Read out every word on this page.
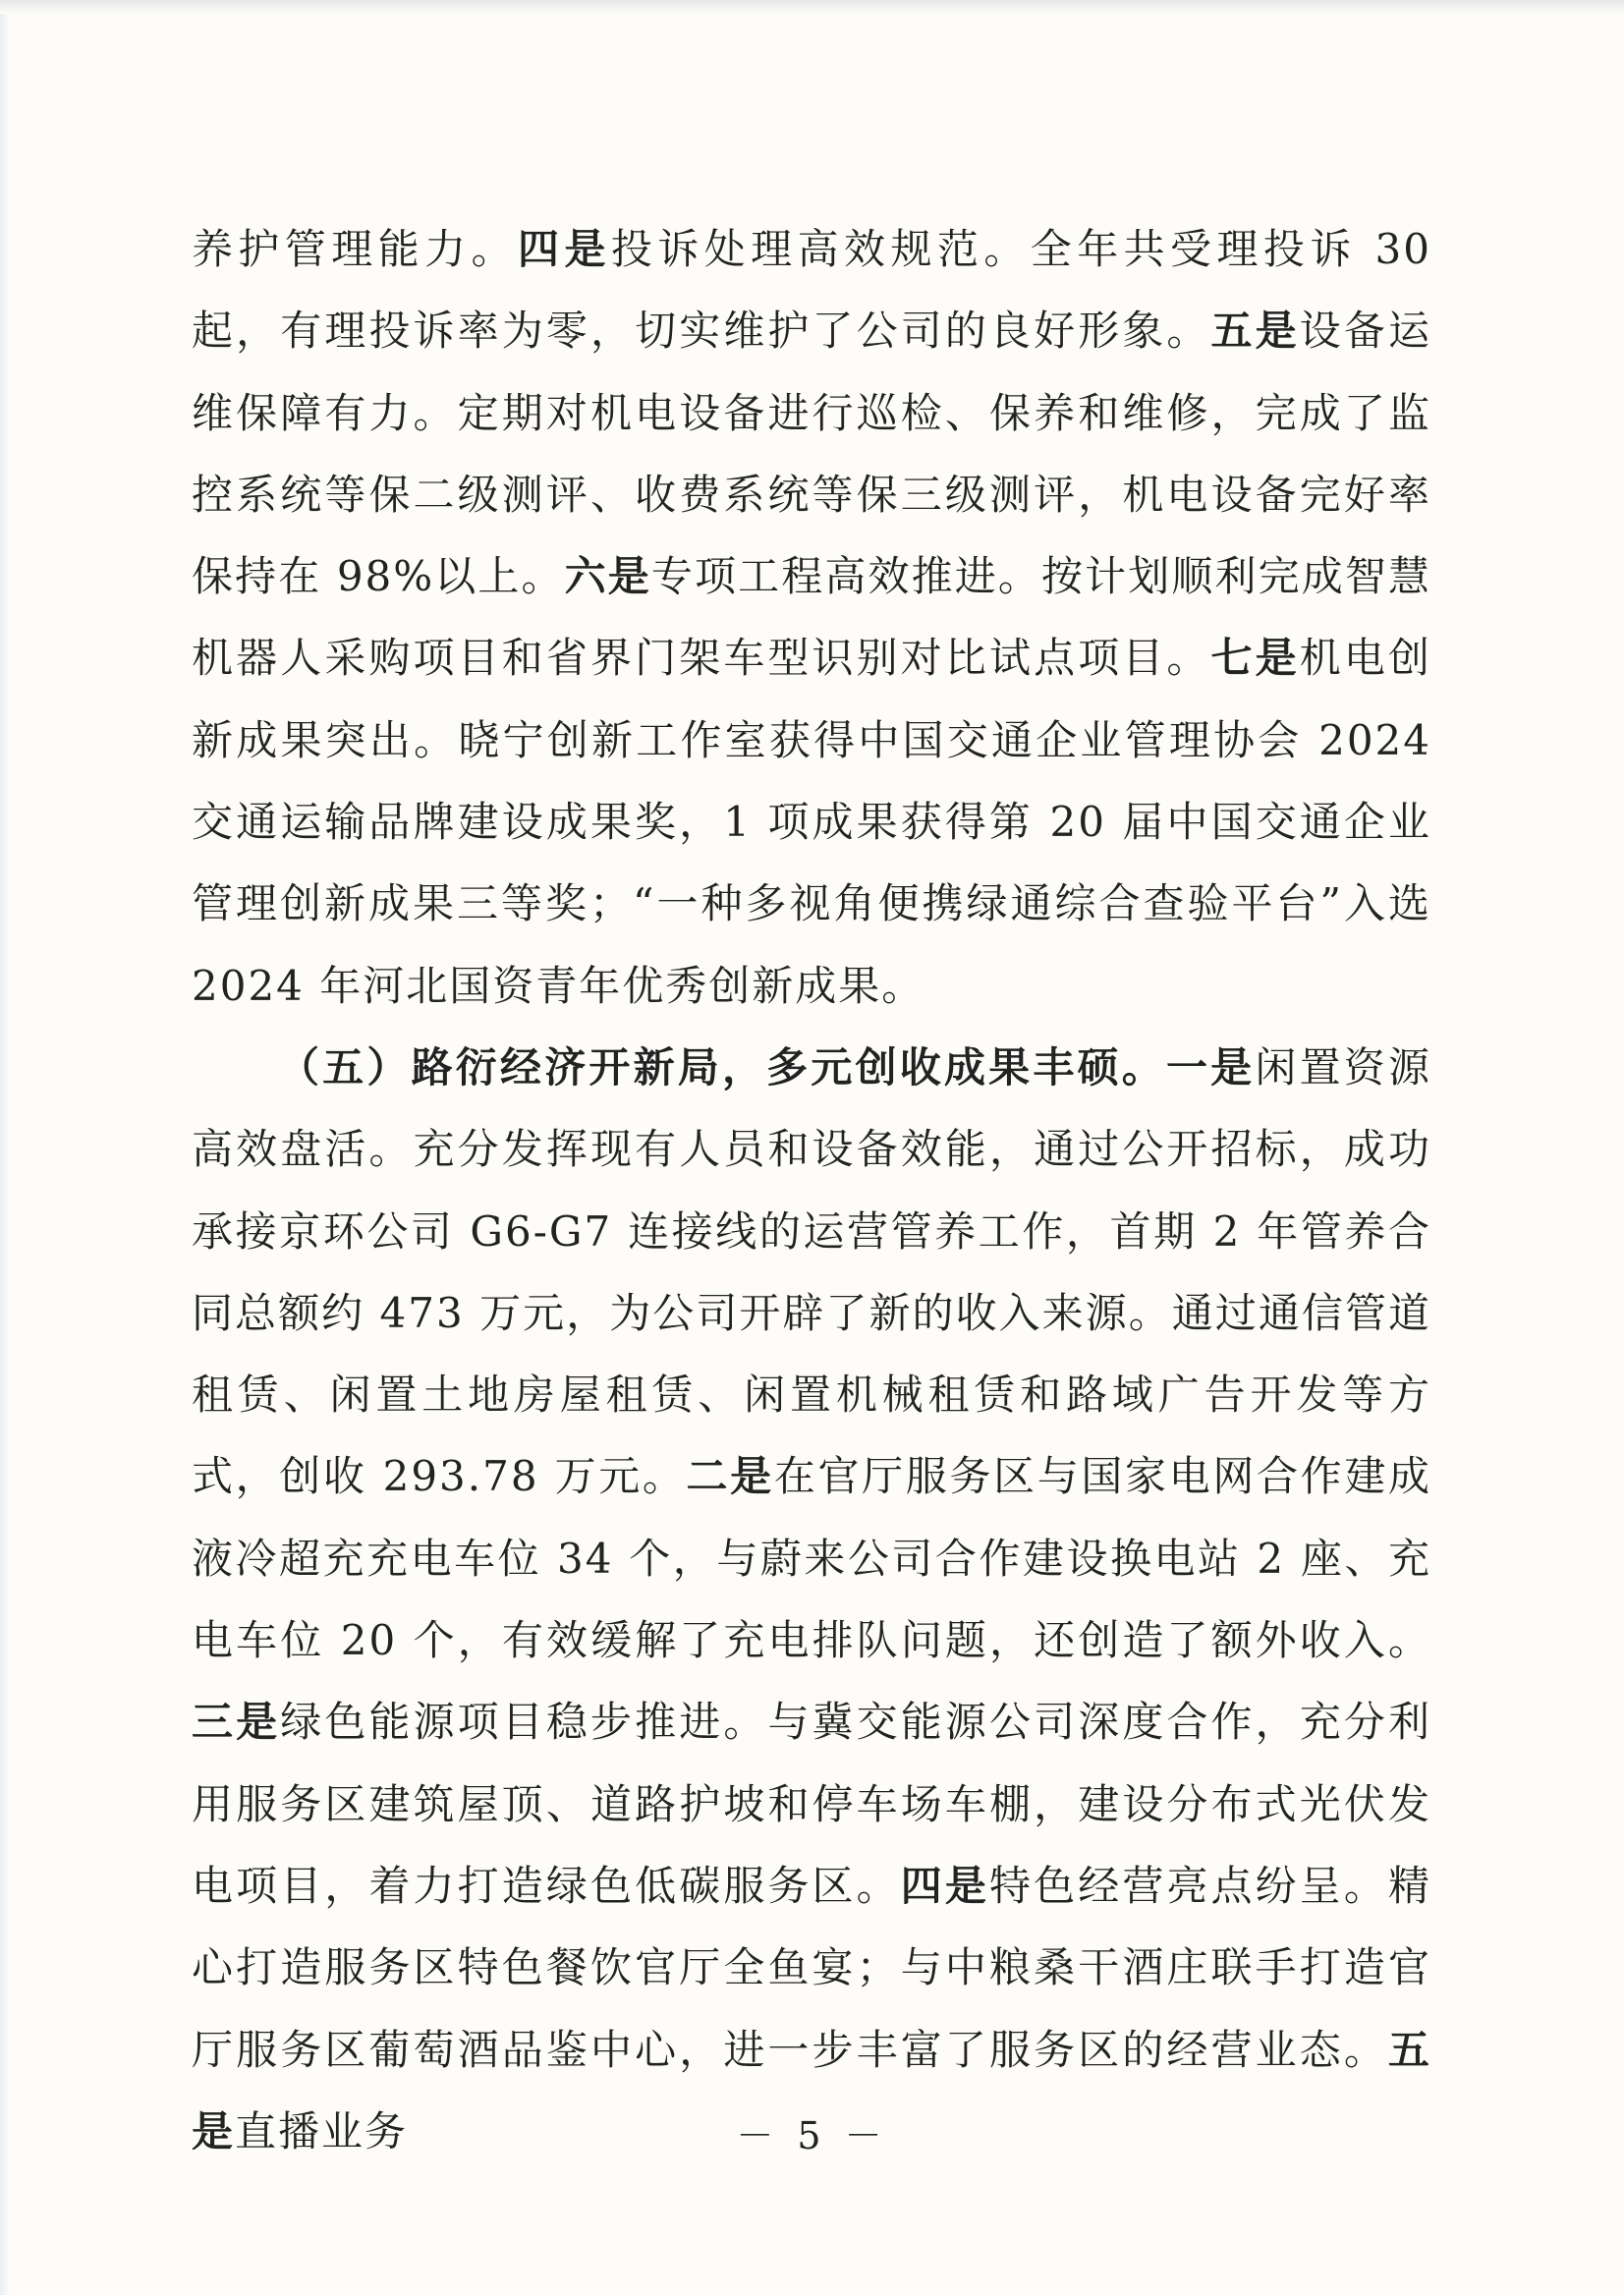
养护管理能力。四是投诉处理高效规范。全年共受理投诉 30 起，有理投诉率为零，切实维护了公司的良好形象。五是设备运维保障有力。定期对机电设备进行巡检、保养和维修，完成了监控系统等保二级测评、收费系统等保三级测评，机电设备完好率保持在 98%以上。六是专项工程高效推进。按计划顺利完成智慧机器人采购项目和省界门架车型识别对比试点项目。七是机电创新成果突出。晓宁创新工作室获得中国交通企业管理协会 2024 交通运输品牌建设成果奖，1 项成果获得第 20 届中国交通企业管理创新成果三等奖；“一种多视角便携绿通综合查验平台”入选 2024 年河北国资青年优秀创新成果。

（五）路衍经济开新局，多元创收成果丰硕。一是闲置资源高效盘活。充分发挥现有人员和设备效能，通过公开招标，成功承接京环公司 G6-G7 连接线的运营管养工作，首期 2 年管养合同总额约 473 万元，为公司开辟了新的收入来源。通过通信管道租赁、闲置土地房屋租赁、闲置机械租赁和路域广告开发等方式，创收 293.78 万元。二是在官厅服务区与国家电网合作建成液冷超充充电车位 34 个，与蔚来公司合作建设换电站 2 座、充电车位 20 个，有效缓解了充电排队问题，还创造了额外收入。三是绿色能源项目稳步推进。与冀交能源公司深度合作，充分利用服务区建筑屋顶、道路护坡和停车场车棚，建设分布式光伏发电项目，着力打造绿色低碳服务区。四是特色经营亮点纷呈。精心打造服务区特色餐饮官厅全鱼宴；与中粮桑干酒庄联手打造官厅服务区葡萄酒品鉴中心，进一步丰富了服务区的经营业态。五是直播业务	－ 5 －
